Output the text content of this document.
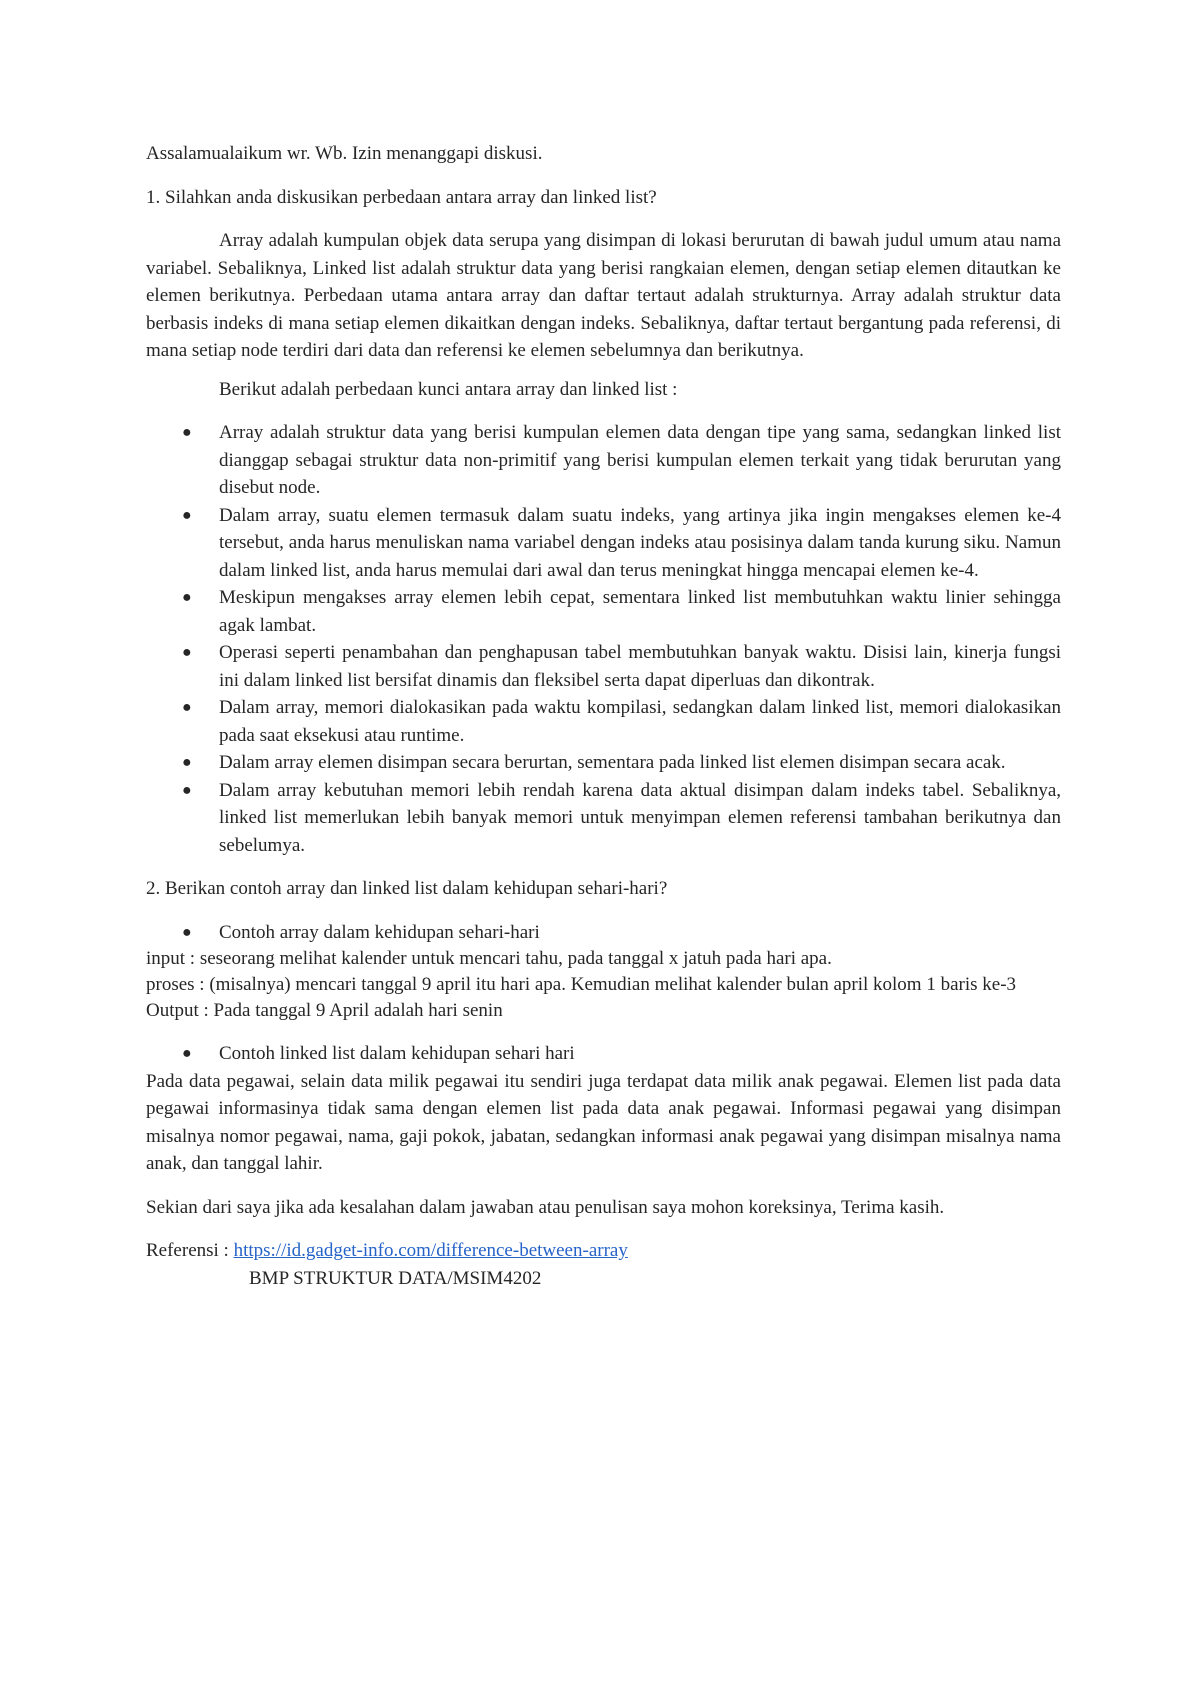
Assalamualaikum wr. Wb. Izin menanggapi diskusi.

1. Silahkan anda diskusikan perbedaan antara array dan linked list?

Array adalah kumpulan objek data serupa yang disimpan di lokasi berurutan di bawah judul umum atau nama variabel. Sebaliknya, Linked list adalah struktur data yang berisi rangkaian elemen, dengan setiap elemen ditautkan ke elemen berikutnya. Perbedaan utama antara array dan daftar tertaut adalah strukturnya. Array adalah struktur data berbasis indeks di mana setiap elemen dikaitkan dengan indeks. Sebaliknya, daftar tertaut bergantung pada referensi, di mana setiap node terdiri dari data dan referensi ke elemen sebelumnya dan berikutnya.

Berikut adalah perbedaan kunci antara array dan linked list :

● Array adalah struktur data yang berisi kumpulan elemen data dengan tipe yang sama, sedangkan linked list dianggap sebagai struktur data non-primitif yang berisi kumpulan elemen terkait yang tidak berurutan yang disebut node.
● Dalam array, suatu elemen termasuk dalam suatu indeks, yang artinya jika ingin mengakses elemen ke-4 tersebut, anda harus menuliskan nama variabel dengan indeks atau posisinya dalam tanda kurung siku. Namun dalam linked list, anda harus memulai dari awal dan terus meningkat hingga mencapai elemen ke-4.
● Meskipun mengakses array elemen lebih cepat, sementara linked list membutuhkan waktu linier sehingga agak lambat.
● Operasi seperti penambahan dan penghapusan tabel membutuhkan banyak waktu. Disisi lain, kinerja fungsi ini dalam linked list bersifat dinamis dan fleksibel serta dapat diperluas dan dikontrak.
● Dalam array, memori dialokasikan pada waktu kompilasi, sedangkan dalam linked list, memori dialokasikan pada saat eksekusi atau runtime.
● Dalam array elemen disimpan secara berurtan, sementara pada linked list elemen disimpan secara acak.
● Dalam array kebutuhan memori lebih rendah karena data aktual disimpan dalam indeks tabel. Sebaliknya, linked list memerlukan lebih banyak memori untuk menyimpan elemen referensi tambahan berikutnya dan sebelumya.

2. Berikan contoh array dan linked list dalam kehidupan sehari-hari?

● Contoh array dalam kehidupan sehari-hari

input : seseorang melihat kalender untuk mencari tahu, pada tanggal x jatuh pada hari apa.

proses : (misalnya) mencari tanggal 9 april itu hari apa. Kemudian melihat kalender bulan april kolom 1 baris ke-3

Output : Pada tanggal 9 April adalah hari senin

● Contoh linked list dalam kehidupan sehari hari

Pada data pegawai, selain data milik pegawai itu sendiri juga terdapat data milik anak pegawai. Elemen list pada data pegawai informasinya tidak sama dengan elemen list pada data anak pegawai. Informasi pegawai yang disimpan misalnya nomor pegawai, nama, gaji pokok, jabatan, sedangkan informasi anak pegawai yang disimpan misalnya nama anak, dan tanggal lahir.

Sekian dari saya jika ada kesalahan dalam jawaban atau penulisan saya mohon koreksinya, Terima kasih.

Referensi : https://id.gadget-info.com/difference-between-array

BMP STRUKTUR DATA/MSIM4202
